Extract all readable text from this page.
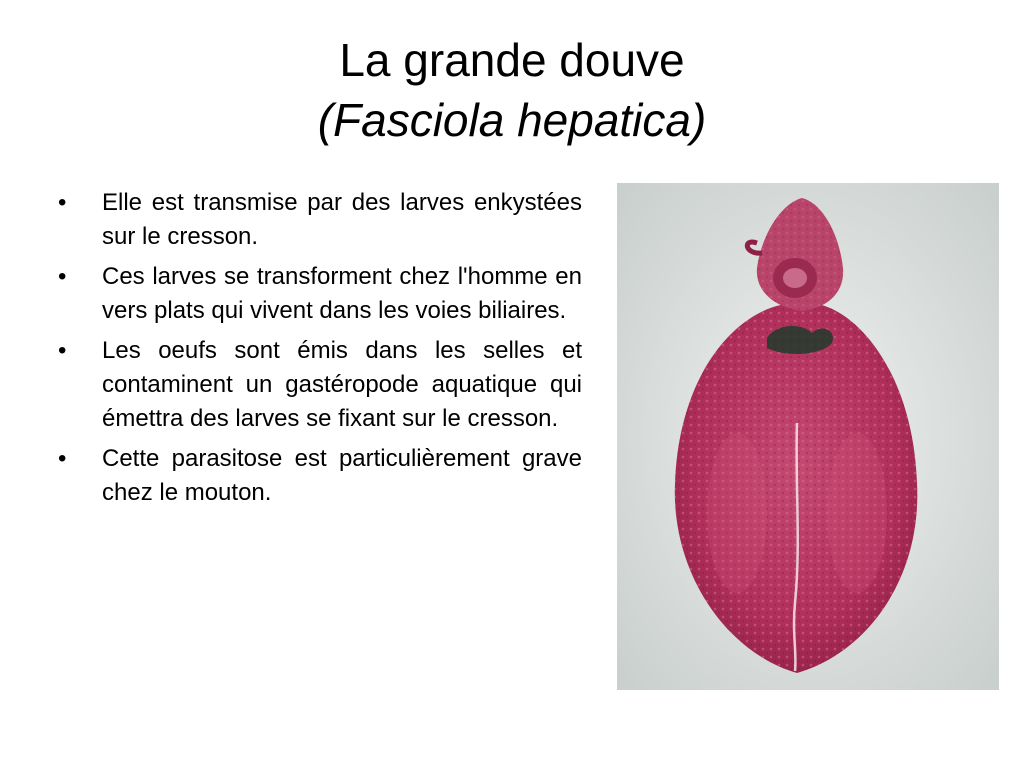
La grande douve
(Fasciola hepatica)
•	Elle est transmise par des larves enkystées sur le cresson.
•	Ces larves se transforment chez l'homme en vers plats qui vivent dans les voies biliaires.
•	Les oeufs sont émis dans les selles et contaminent un gastéropode aquatique qui émettra des larves se fixant sur le cresson.
•	Cette parasitose est particulièrement grave chez le mouton.
